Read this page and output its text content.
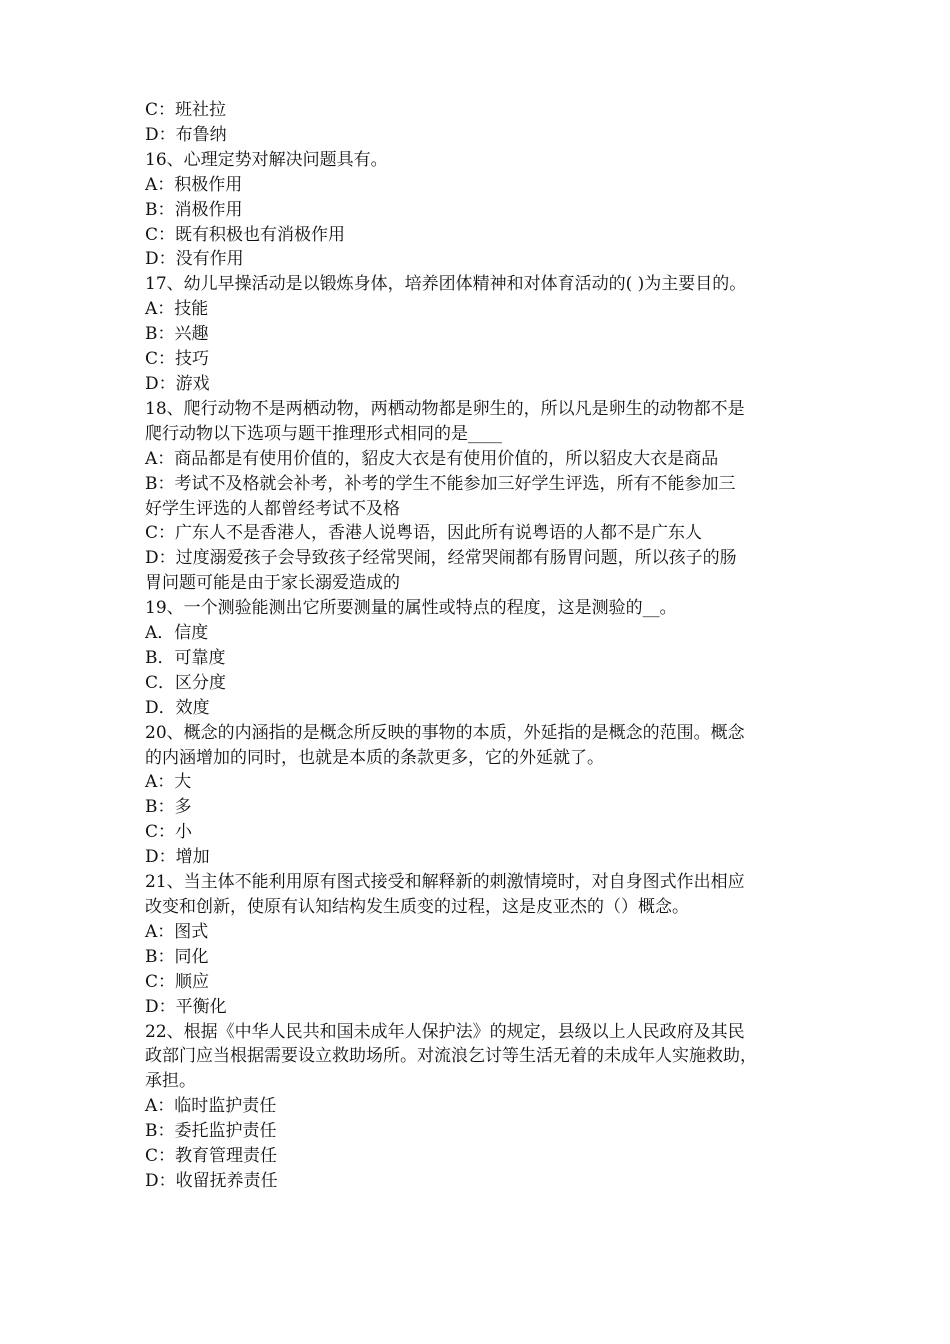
C：班社拉
D：布鲁纳
16、心理定势对解决问题具有。
A：积极作用
B：消极作用
C：既有积极也有消极作用
D：没有作用
17、幼儿早操活动是以锻炼身体，培养团体精神和对体育活动的( )为主要目的。
A：技能
B：兴趣
C：技巧
D：游戏
18、爬行动物不是两栖动物，两栖动物都是卵生的，所以凡是卵生的动物都不是
爬行动物以下选项与题干推理形式相同的是____
A：商品都是有使用价值的，貂皮大衣是有使用价值的，所以貂皮大衣是商品
B：考试不及格就会补考，补考的学生不能参加三好学生评选，所有不能参加三
好学生评选的人都曾经考试不及格
C：广东人不是香港人，香港人说粤语，因此所有说粤语的人都不是广东人
D：过度溺爱孩子会导致孩子经常哭闹，经常哭闹都有肠胃问题，所以孩子的肠
胃问题可能是由于家长溺爱造成的
19、一个测验能测出它所要测量的属性或特点的程度，这是测验的__。
A．信度
B．可靠度
C．区分度
D．效度
20、概念的内涵指的是概念所反映的事物的本质，外延指的是概念的范围。概念
的内涵增加的同时，也就是本质的条款更多，它的外延就了。
A：大
B：多
C：小
D：增加
21、当主体不能利用原有图式接受和解释新的刺激情境时，对自身图式作出相应
改变和创新，使原有认知结构发生质变的过程，这是皮亚杰的（）概念。
A：图式
B：同化
C：顺应
D：平衡化
22、根据《中华人民共和国未成年人保护法》的规定，县级以上人民政府及其民
政部门应当根据需要设立救助场所。对流浪乞讨等生活无着的未成年人实施救助，
承担。
A：临时监护责任
B：委托监护责任
C：教育管理责任
D：收留抚养责任
